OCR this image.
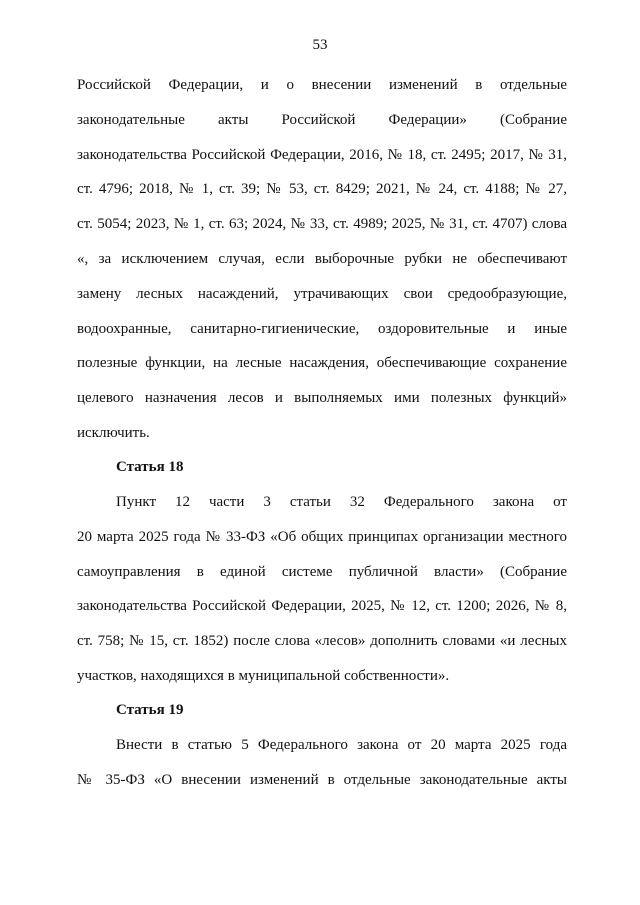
53
Российской Федерации, и о внесении изменений в отдельные
законодательные акты Российской Федерации» (Собрание
законодательства Российской Федерации, 2016, № 18, ст. 2495; 2017, № 31,
ст. 4796; 2018, № 1, ст. 39; № 53, ст. 8429; 2021, № 24, ст. 4188; № 27,
ст. 5054; 2023, № 1, ст. 63; 2024, № 33, ст. 4989; 2025, № 31, ст. 4707) слова
«, за исключением случая, если выборочные рубки не обеспечивают
замену лесных насаждений, утрачивающих свои средообразующие,
водоохранные, санитарно-гигиенические, оздоровительные и иные
полезные функции, на лесные насаждения, обеспечивающие сохранение
целевого назначения лесов и выполняемых ими полезных функций»
исключить.
Статья 18
Пункт 12 части 3 статьи 32 Федерального закона от
20 марта 2025 года № 33-ФЗ «Об общих принципах организации местного
самоуправления в единой системе публичной власти» (Собрание
законодательства Российской Федерации, 2025, № 12, ст. 1200; 2026, № 8,
ст. 758; № 15, ст. 1852) после слова «лесов» дополнить словами «и лесных
участков, находящихся в муниципальной собственности».
Статья 19
Внести в статью 5 Федерального закона от 20 марта 2025 года
№ 35-ФЗ «О внесении изменений в отдельные законодательные акты
